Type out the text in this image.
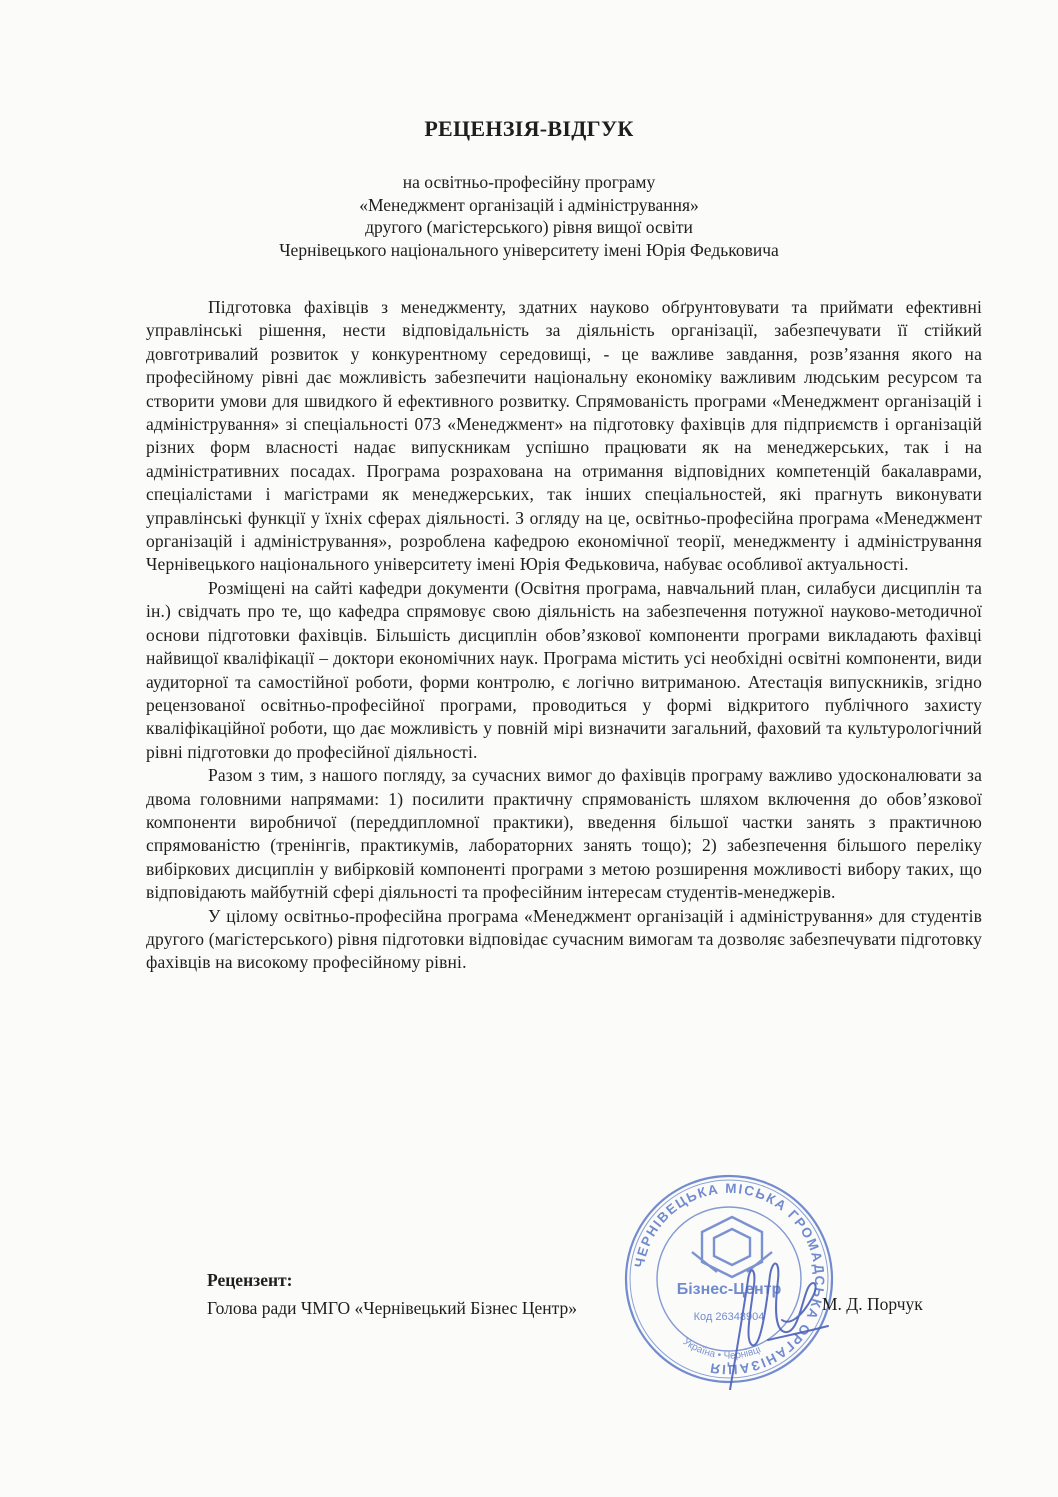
РЕЦЕНЗІЯ-ВІДГУК
на освітньо-професійну програму
«Менеджмент організацій і адміністрування»
другого (магістерського) рівня вищої освіти
Чернівецького національного університету імені Юрія Федьковича

Підготовка фахівців з менеджменту, здатних науково обґрунтовувати та приймати ефективні управлінські рішення, нести відповідальність за діяльність організації, забезпечувати її стійкий довготривалий розвиток у конкурентному середовищі, - це важливе завдання, розв’язання якого на професійному рівні дає можливість забезпечити національну економіку важливим людським ресурсом та створити умови для швидкого й ефективного розвитку. Спрямованість програми «Менеджмент організацій і адміністрування» зі спеціальності 073 «Менеджмент» на підготовку фахівців для підприємств і організацій різних форм власності надає випускникам успішно працювати як на менеджерських, так і на адміністративних посадах. Програма розрахована на отримання відповідних компетенцій бакалаврами, спеціалістами і магістрами як менеджерських, так інших спеціальностей, які прагнуть виконувати управлінські функції у їхніх сферах діяльності. З огляду на це, освітньо-професійна програма «Менеджмент організацій і адміністрування», розроблена кафедрою економічної теорії, менеджменту і адміністрування Чернівецького національного університету імені Юрія Федьковича, набуває особливої актуальності.

Розміщені на сайті кафедри документи (Освітня програма, навчальний план, силабуси дисциплін та ін.) свідчать про те, що кафедра спрямовує свою діяльність на забезпечення потужної науково-методичної основи підготовки фахівців. Більшість дисциплін обов’язкової компоненти програми викладають фахівці найвищої кваліфікації – доктори економічних наук. Програма містить усі необхідні освітні компоненти, види аудиторної та самостійної роботи, форми контролю, є логічно витриманою. Атестація випускників, згідно рецензованої освітньо-професійної програми, проводиться у формі відкритого публічного захисту кваліфікаційної роботи, що дає можливість у повній мірі визначити загальний, фаховий та культурологічний рівні підготовки до професійної діяльності.

Разом з тим, з нашого погляду, за сучасних вимог до фахівців програму важливо удосконалювати за двома головними напрямами: 1) посилити практичну спрямованість шляхом включення до обов’язкової компоненти виробничої (переддипломної практики), введення більшої частки занять з практичною спрямованістю (тренінгів, практикумів, лабораторних занять тощо); 2) забезпечення більшого переліку вибіркових дисциплін у вибірковій компоненті програми з метою розширення можливості вибору таких, що відповідають майбутній сфері діяльності та професійним інтересам студентів-менеджерів.

У цілому освітньо-професійна програма «Менеджмент організацій і адміністрування» для студентів другого (магістерського) рівня підготовки відповідає сучасним вимогам та дозволяє забезпечувати підготовку фахівців на високому професійному рівні.

Рецензент:
Голова ради ЧМГО «Чернівецький Бізнес Центр»
ЧЕРНІВЕЦЬКА МІСЬКА ГРОМАДСЬКА ОРГАНІЗАЦІЯ
Бізнес-Центр
Код 26348904
Україна • Чернівці
М. Д. Порчук
